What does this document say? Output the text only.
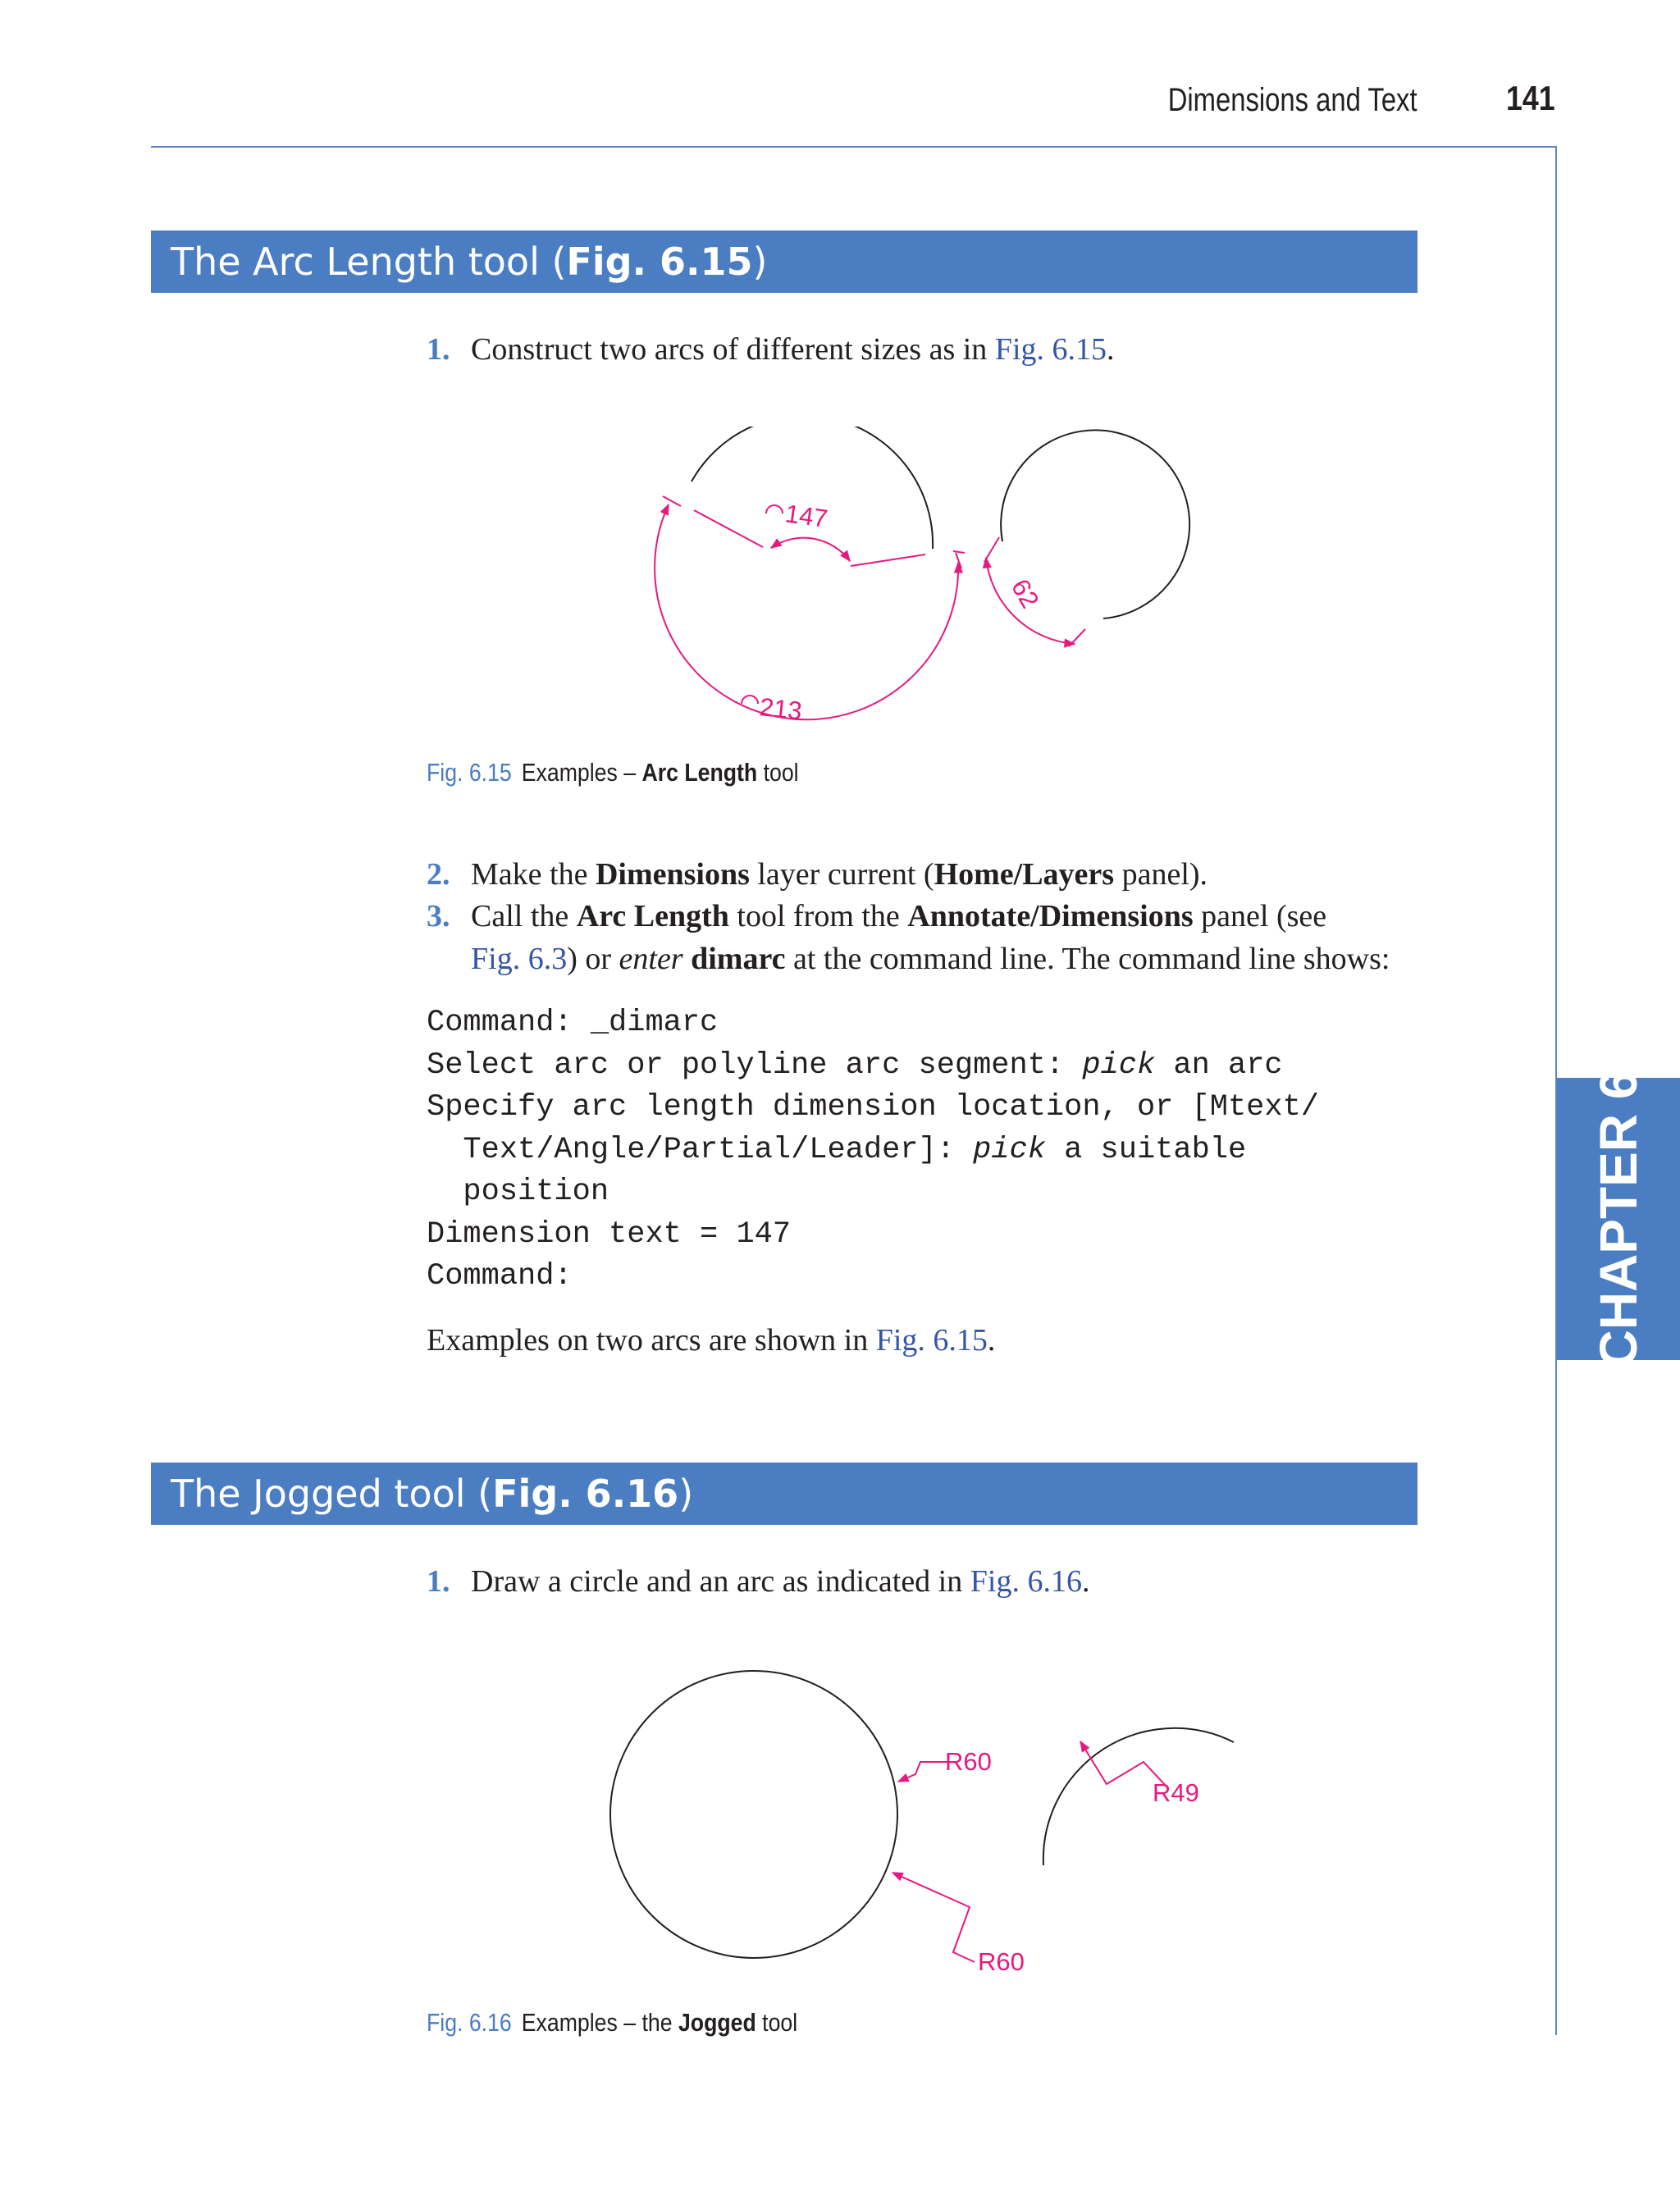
Dimensions and Text	141
CHAPTER 6
The Arc Length tool (Fig. 6.15)
1. Construct two arcs of different sizes as in Fig. 6.15.
147
213
62
Fig. 6.15 Examples – Arc Length tool
2. Make the Dimensions layer current (Home/Layers panel).
3. Call the Arc Length tool from the Annotate/Dimensions panel (see
Fig. 6.3) or enter dimarc at the command line. The command line shows:
Command: _dimarc
Select arc or polyline arc segment: pick an arc
Specify arc length dimension location, or [Mtext/
Text/Angle/Partial/Leader]: pick a suitable
position
Dimension text = 147
Command:
Examples on two arcs are shown in Fig. 6.15.
The Jogged tool (Fig. 6.16)
1. Draw a circle and an arc as indicated in Fig. 6.16.
R60
R60
R49
Fig. 6.16 Examples – the Jogged tool
